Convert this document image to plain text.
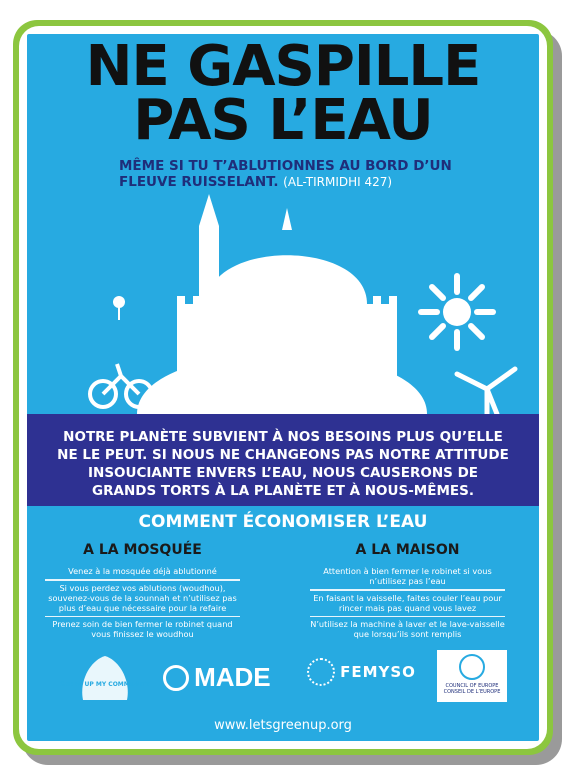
NE GASPILLE
PAS L’EAU

MÊME SI TU T’ABLUTIONNES AU BORD D’UN FLEUVE RUISSELANT. (AL-TIRMIDHI 427)

Le Prophète Muhammad (pbsl) faisait ses ablutions avec environ 2/3 d’un litre d’eau, et prenait un bain avec environ 2-3 ½ litres d’eau. (Al-Bukhari 1.200)

NOTRE PLANÈTE SUBVIENT À NOS BESOINS PLUS QU’ELLE NE LE PEUT. SI NOUS NE CHANGEONS PAS NOTRE ATTITUDE INSOUCIANTE ENVERS L’EAU, NOUS CAUSERONS DE GRANDS TORTS À LA PLANÈTE ET À NOUS-MÊMES.

COMMENT ÉCONOMISER L’EAU

A LA MOSQUÉE

Venez à la mosquée déjà ablutionné
Si vous perdez vos ablutions (woudhou), souvenez-vous de la sounnah et n’utilisez pas plus d’eau que nécessaire pour la refaire
Prenez soin de bien fermer le robinet quand vous finissez le woudhou

A LA MAISON

Attention à bien fermer le robinet si vous n’utilisez pas l’eau
En faisant la vaisselle, faites couler l’eau pour rincer mais pas quand vous lavez
N’utilisez la machine à laver et le lave-vaisselle que lorsqu’ils sont remplis
GREEN UP MY COMMUNITY	MADE	FEMYSO
COUNCIL OF EUROPE CONSEIL DE L’EUROPE

www.letsgreenup.org
